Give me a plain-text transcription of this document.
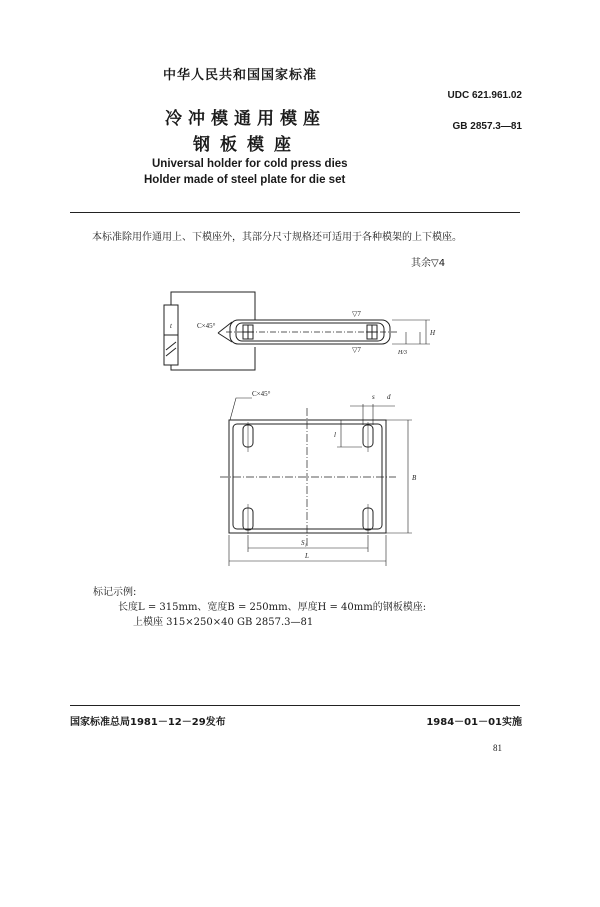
中华人民共和国国家标准
UDC 621.961.02
冷冲模通用模座	GB 2857.3—81
钢板模座
Universal holder for cold press dies
Holder made of steel plate for die set
本标准除用作通用上、下模座外，其部分尺寸规格还可适用于各种模架的上下模座。
其余▽4
C×45°
C×45°
▽7
▽7
H
H/3
t
d
s
l
B
S₁
L
标记示例:
长度L = 315mm、宽度B = 250mm、厚度H = 40mm的钢板模座:
上模座 315×250×40 GB 2857.3—81
国家标准总局1981－12－29发布	1984－01－01实施
81
